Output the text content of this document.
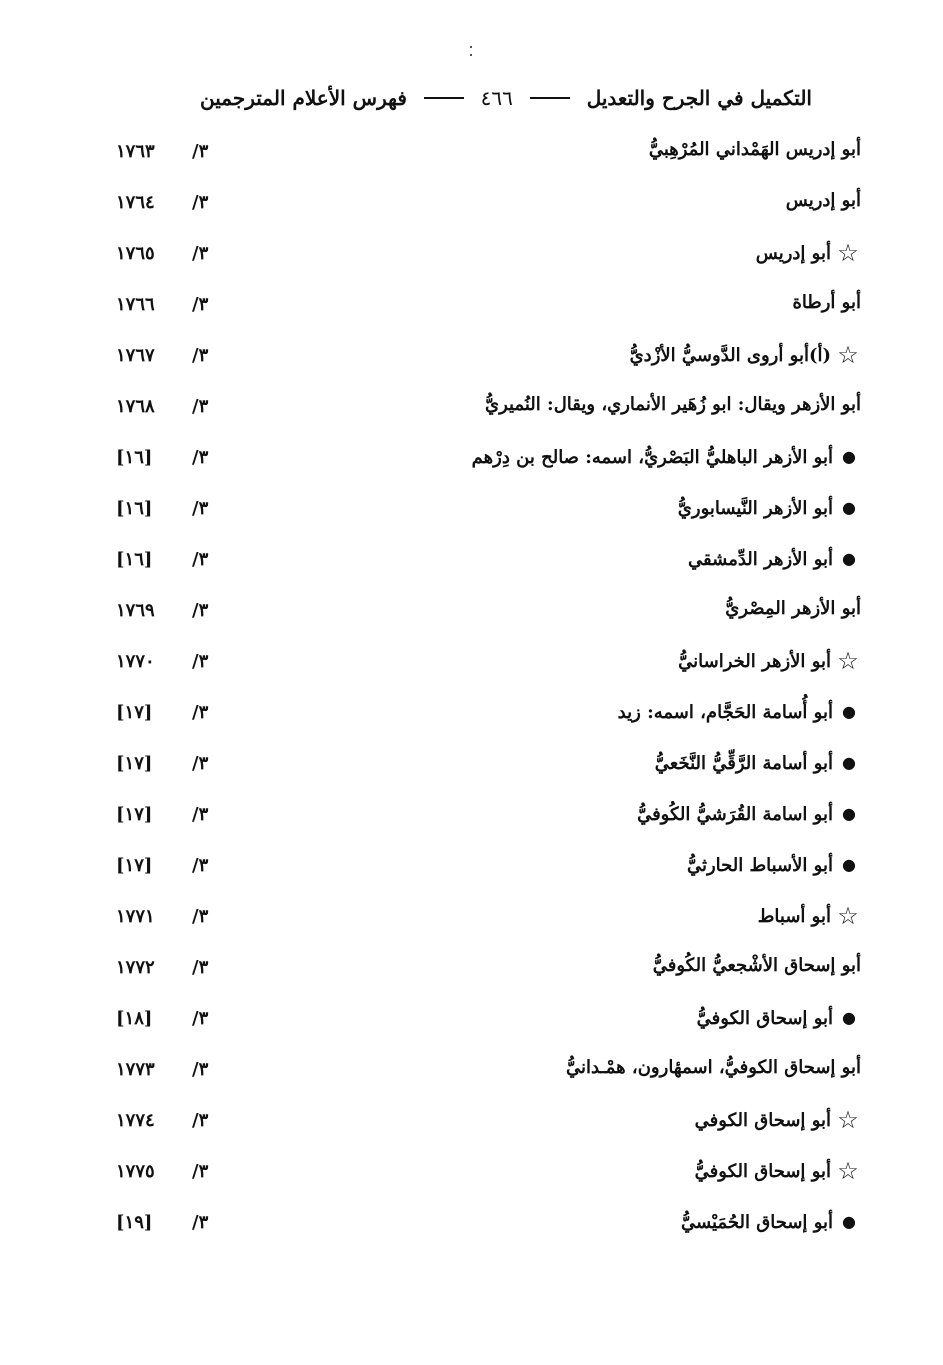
التكميل في الجرح والتعديل
٤٦٦
فهرس الأعلام المترجمين
أبو إدريس الهَمْداني المُرْهِبيُّ
٣/
١٧٦٣
أبو إدريس
٣/
١٧٦٤
☆
أبو إدريس
٣/
١٧٦٥
أبو أرطاة
٣/
١٧٦٦
☆
(أ)أبو أروى الدَّوسيُّ الأزْديُّ
٣/
١٧٦٧
أبو الأزهر ويقال: ابو زُهَير الأنماري، ويقال: النُميريُّ
٣/
١٧٦٨
●
أبو الأزهر الباهليُّ البَصْريُّ، اسمه: صالح بن دِرْهم
٣/
[١٦]
●
أبو الأزهر النَّيسابوريُّ
٣/
[١٦]
●
أبو الأزهر الدِّمشقي
٣/
[١٦]
أبو الأزهر المِصْريُّ
٣/
١٧٦٩
☆
أبو الأزهر الخراسانيُّ
٣/
١٧٧٠
●
أبو أُسامة الحَجَّام، اسمه: زيد
٣/
[١٧]
●
أبو أسامة الرَّقِّيُّ النَّخَعيُّ
٣/
[١٧]
●
أبو اسامة القُرَشيُّ الكُوفيُّ
٣/
[١٧]
●
أبو الأسباط الحارثيُّ
٣/
[١٧]
☆
أبو أسباط
٣/
١٧٧١
أبو إسحاق الأشْجعيُّ الكُوفيُّ
٣/
١٧٧٢
●
أبو إسحاق الكوفيُّ
٣/
[١٨]
أبو إسحاق الكوفيُّ، اسمهٔارون، همْـدانيُّ
٣/
١٧٧٣
☆
أبو إسحاق الكوفي
٣/
١٧٧٤
☆
أبو إسحاق الكوفيُّ
٣/
١٧٧٥
●
أبو إسحاق الحُمَيْسيُّ
٣/
[١٩]
